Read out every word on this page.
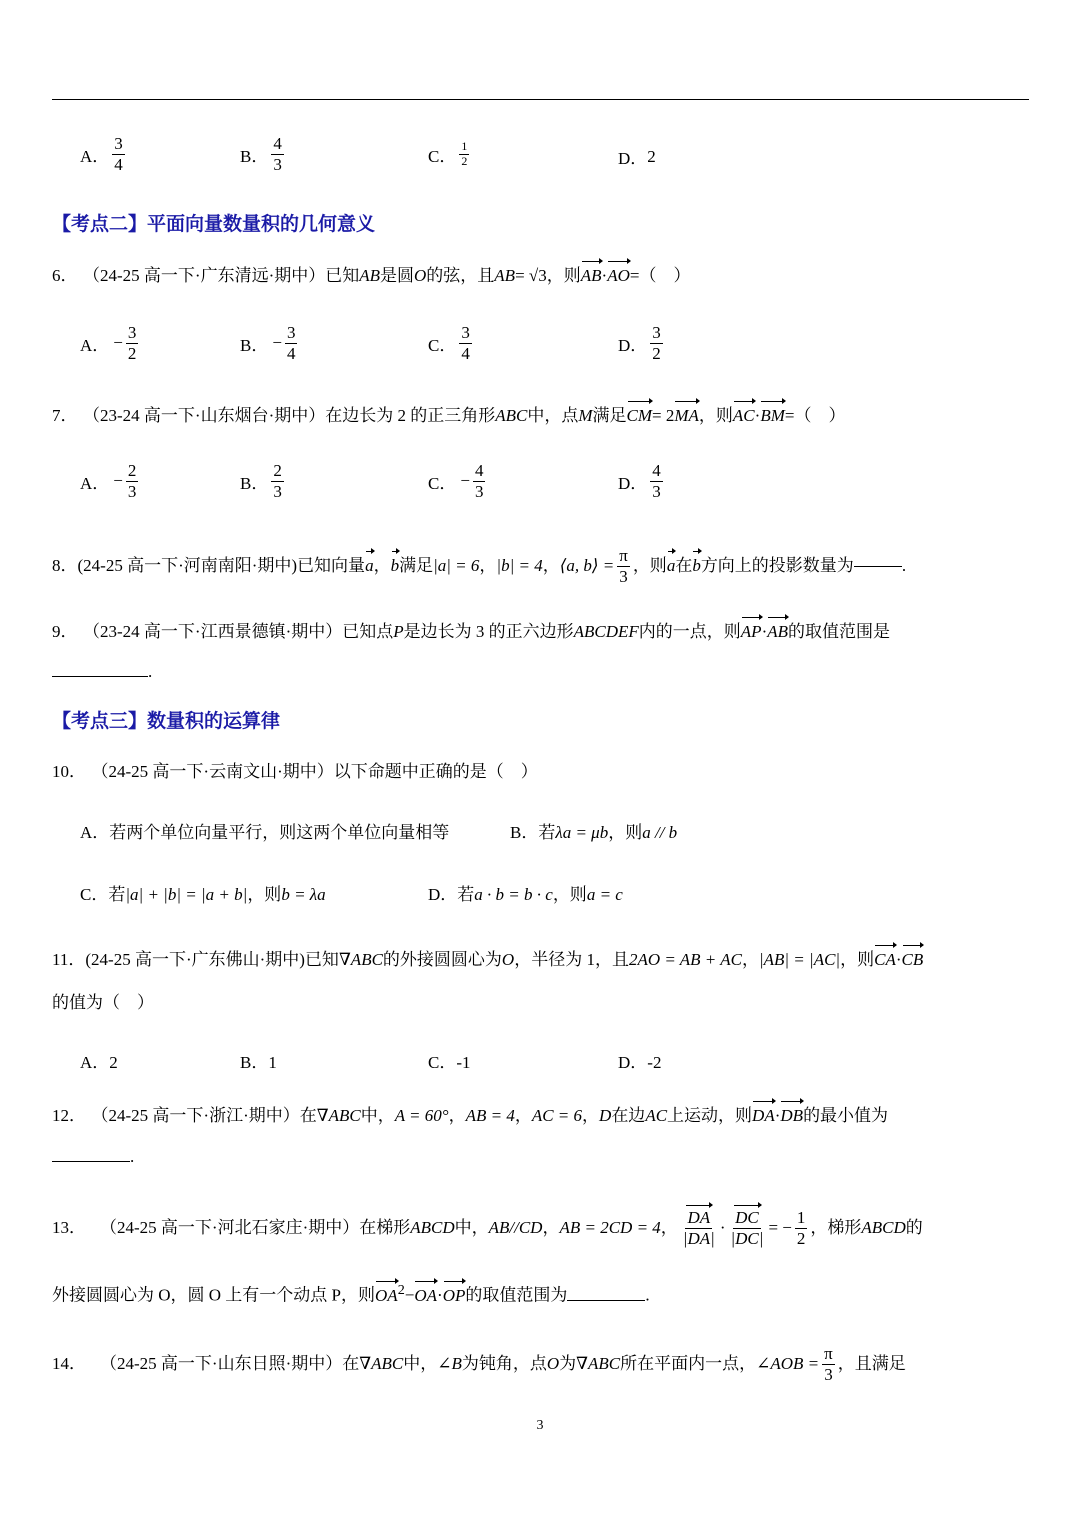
A． $\frac{3}{4}$	B． $\frac{4}{3}$	C． $\frac{1}{2}$	D． 2
【考点二】平面向量数量积的几何意义
6． （24-25 高一下·广东清远·期中）已知AB是圆O的弦，且AB= √3，则AB·AO=（　）
A． − $\frac{3}{2}$	B． − $\frac{3}{4}$	C． $\frac{3}{4}$	D． $\frac{3}{2}$
7． （23-24 高一下·山东烟台·期中）在边长为 2 的正三角形ABC中，点M满足CM= 2MA，则AC·BM=（　）
A． − $\frac{2}{3}$	B． $\frac{2}{3}$	C． − $\frac{4}{3}$	D． $\frac{4}{3}$
8． (24-25 高一下·河南南阳·期中) 已知向量 a ， b 满足 |a| = 6 ， |b| = 4 ， ⟨a, b⟩ = $\frac{\pi}{3}$ ，则 a 在 b 方向上的投影数量为	.
9． （23-24 高一下·江西景德镇·期中）已知点P是边长为 3 的正六边形ABCDEF内的一点，则AP·AB的取值范围是
.
【考点三】数量积的运算律
10． （24-25 高一下·云南文山·期中）以下命题中正确的是（　）
A．若两个单位向量平行，则这两个单位向量相等	B．若λa = μb，则a // b
C．若|a| + |b| = |a + b|，则b = λa	D．若a · b = b · c，则a = c
11．(24-25 高一下·广东佛山·期中)已知∇ABC的外接圆圆心为O，半径为 1，且2AO = AB + AC，|AB| = |AC|，则CA·CB
的值为（　）
A．2	B．1	C．-1	D．-2
12． （24-25 高一下·浙江·期中）在∇ABC中，A = 60°，AB = 4，AC = 6，D在边AC上运动，则DA·DB的最小值为
.
13． （24-25 高一下·河北石家庄·期中） 在梯形 ABCD 中， AB//CD ， AB = 2CD = 4 ， $\frac{DA}{|DA|} \cdot \frac{DC}{|DC|}$ = − $\frac{1}{2}$ ，梯形 ABCD 的
外接圆圆心为 O，圆 O 上有一个动点 P，则$OA^2-OA\cdot OP$的取值范围为	.
14． （24-25 高一下·山东日照·期中） 在 ∇ABC 中， ∠B 为钝角，点 O 为 ∇ABC 所在平面内一点， ∠AOB = $\frac{\pi}{3}$ ，且满足
3
